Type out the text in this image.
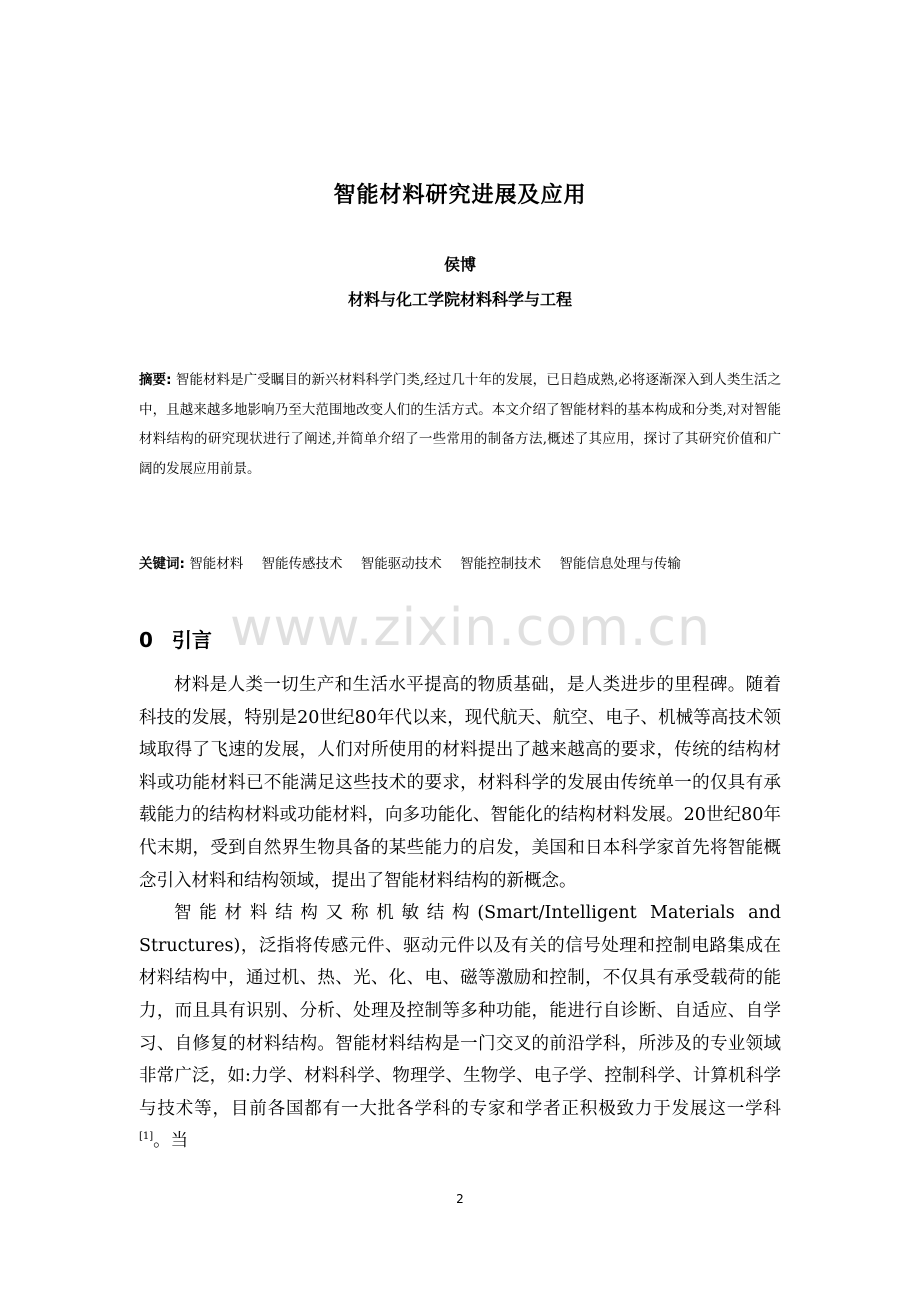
智能材料研究进展及应用
侯博
材料与化工学院材料科学与工程
摘要: 智能材料是广受瞩目的新兴材料科学门类,经过几十年的发展，已日趋成熟,必将逐渐深入到人类生活之中，且越来越多地影响乃至大范围地改变人们的生活方式。本文介绍了智能材料的基本构成和分类,对对智能材料结构的研究现状进行了阐述,并简单介绍了一些常用的制备方法,概述了其应用，探讨了其研究价值和广阔的发展应用前景。
关键词: 智能材料 智能传感技术 智能驱动技术 智能控制技术 智能信息处理与传输
www.zixin.com.cn
0 引言

材料是人类一切生产和生活水平提高的物质基础，是人类进步的里程碑。随着科技的发展，特别是20世纪80年代以来，现代航天、航空、电子、机械等高技术领域取得了飞速的发展，人们对所使用的材料提出了越来越高的要求，传统的结构材料或功能材料已不能满足这些技术的要求，材料科学的发展由传统单一的仅具有承载能力的结构材料或功能材料，向多功能化、智能化的结构材料发展。20世纪80年代末期，受到自然界生物具备的某些能力的启发，美国和日本科学家首先将智能概念引入材料和结构领域，提出了智能材料结构的新概念。

智能材料结构又称机敏结构(Smart/Intelligent Materials and Structures)，泛指将传感元件、驱动元件以及有关的信号处理和控制电路集成在材料结构中，通过机、热、光、化、电、磁等激励和控制，不仅具有承受载荷的能力，而且具有识别、分析、处理及控制等多种功能，能进行自诊断、自适应、自学习、自修复的材料结构。智能材料结构是一门交叉的前沿学科，所涉及的专业领域非常广泛，如:力学、材料科学、物理学、生物学、电子学、控制科学、计算机科学与技术等，目前各国都有一大批各学科的专家和学者正积极致力于发展这一学科[1]。当

2
